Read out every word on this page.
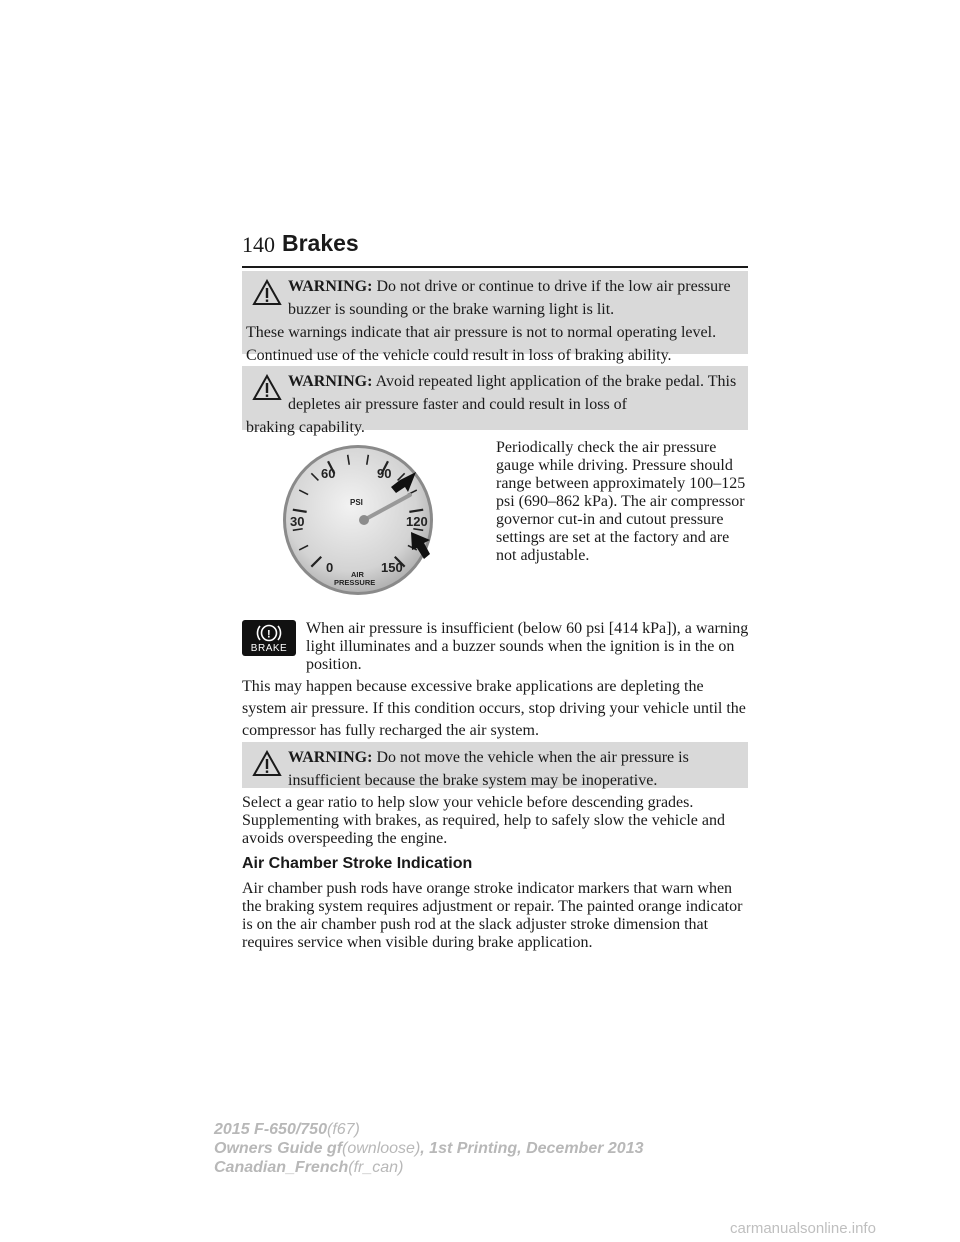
140 Brakes
WARNING: Do not drive or continue to drive if the low air pressure buzzer is sounding or the brake warning light is lit.
These warnings indicate that air pressure is not to normal operating level. Continued use of the vehicle could result in loss of braking ability.
WARNING: Avoid repeated light application of the brake pedal. This depletes air pressure faster and could result in loss of
braking capability.
0
30
60	90
120
150
PSI
AIR
PRESSURE

Periodically check the air pressure gauge while driving. Pressure should range between approximately 100–125 psi (690–862 kPa). The air compressor governor cut-in and cutout pressure settings are set at the factory and are not adjustable.

!
BRAKE

When air pressure is insufficient (below 60 psi [414 kPa]), a warning light illuminates and a buzzer sounds when the ignition is in the on position.

This may happen because excessive brake applications are depleting the system air pressure. If this condition occurs, stop driving your vehicle until the compressor has fully recharged the air system.

WARNING: Do not move the vehicle when the air pressure is insufficient because the brake system may be inoperative.

Select a gear ratio to help slow your vehicle before descending grades. Supplementing with brakes, as required, help to safely slow the vehicle and avoids overspeeding the engine.

Air Chamber Stroke Indication

Air chamber push rods have orange stroke indicator markers that warn when the braking system requires adjustment or repair. The painted orange indicator is on the air chamber push rod at the slack adjuster stroke dimension that requires service when visible during brake application.

2015 F-650/750(f67)
Owners Guide gf(ownloose), 1st Printing, December 2013
Canadian_French(fr_can)
carmanualsonline.info
